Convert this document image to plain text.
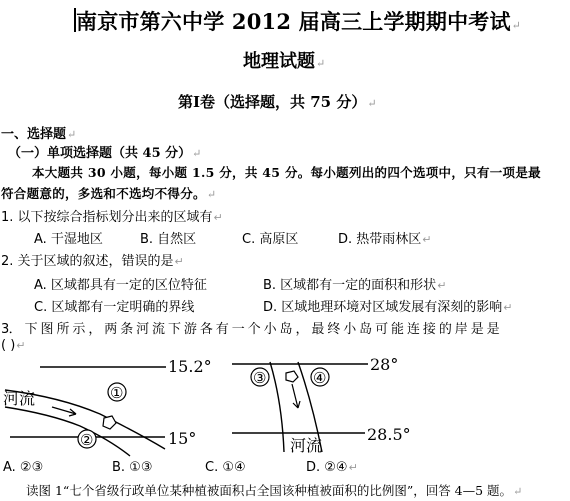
南京市第六中学 2012 届高三上学期期中考试↵
地理试题↵
第Ⅰ卷（选择题，共 75 分）↵
一、选择题↵
（一）单项选择题（共 45 分）↵
本大题共 30 小题，每小题 1.5 分，共 45 分。每小题列出的四个选项中，只有一项是最
符合题意的，多选和不选均不得分。↵
1. 以下按综合指标划分出来的区域有↵
A. 干湿地区	B. 自然区	C. 高原区	D. 热带雨林区↵
2. 关于区域的叙述，错误的是↵
A. 区域都具有一定的区位特征	B. 区域都有一定的面积和形状↵
C. 区域都有一定明确的界线	D. 区域地理环境对区域发展有深刻的影响↵
3． 下 图 所 示 ， 两 条 河 流 下 游 各 有 一 个 小 岛 ， 最 终 小 岛 可 能 连 接 的 岸 是 是
( )↵
①
②
15.2°
15°
河流
③	④
28°
28.5°
河流
A. ②③	B. ①③	C. ①④	D. ②④↵
读图 1“七个省级行政单位某种植被面积占全国该种植被面积的比例图”，回答 4—5 题。↵
